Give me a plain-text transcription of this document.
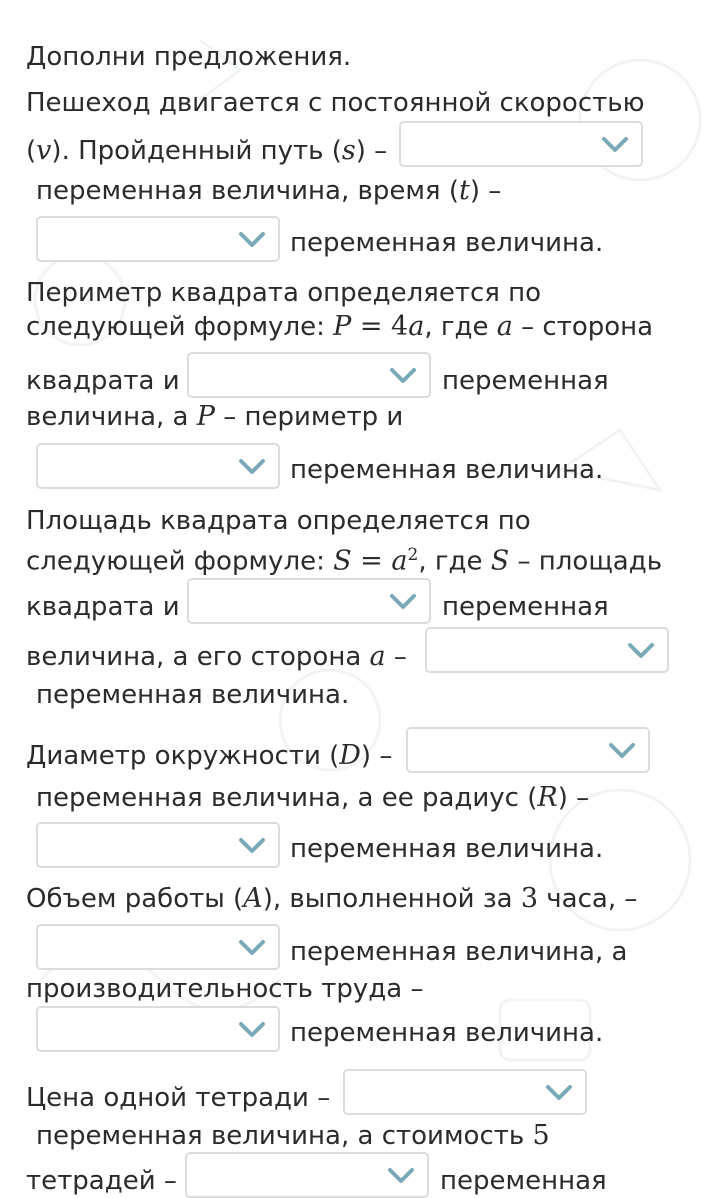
Дополни предложения.
Пешеход двигается с постоянной скоростью
(v). Пройденный путь (s) –
переменная величина, время (t) –
переменная величина.
Периметр квадрата определяется по
следующей формуле: P = 4a, где a – сторона
квадрата и	переменная
величина, а P – периметр и
переменная величина.
Площадь квадрата определяется по
следующей формуле: $S = a^2$, где S – площадь
квадрата и	переменная
величина, а его сторона a –
переменная величина.
Диаметр окружности (D) –
переменная величина, а ее радиус (R) –
переменная величина.
Объем работы (A), выполненной за 3 часа, –
переменная величина, а
производительность труда –
переменная величина.
Цена одной тетради –
переменная величина, а стоимость 5
тетрадей –	переменная
